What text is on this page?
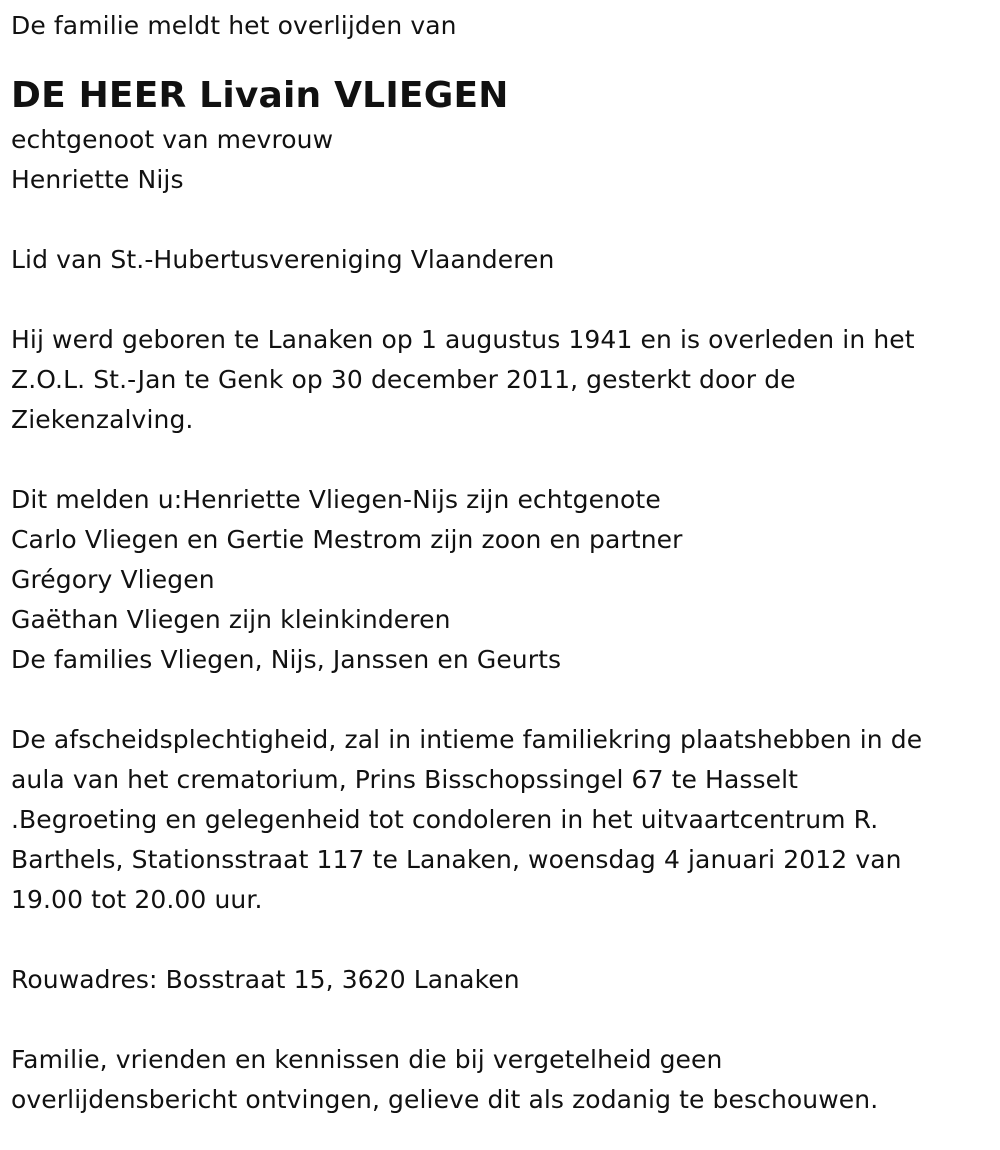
De familie meldt het overlijden van
DE HEER Livain VLIEGEN
echtgenoot van mevrouw
Henriette Nijs
Lid van St.-Hubertusvereniging Vlaanderen
Hij werd geboren te Lanaken op 1 augustus 1941 en is overleden in het
Z.O.L. St.-Jan te Genk op 30 december 2011, gesterkt door de
Ziekenzalving.
Dit melden u:Henriette Vliegen-Nijs zijn echtgenote
Carlo Vliegen en Gertie Mestrom zijn zoon en partner
Grégory Vliegen
Gaëthan Vliegen zijn kleinkinderen
De families Vliegen, Nijs, Janssen en Geurts
De afscheidsplechtigheid, zal in intieme familiekring plaatshebben in de
aula van het crematorium, Prins Bisschopssingel 67 te Hasselt
.Begroeting en gelegenheid tot condoleren in het uitvaartcentrum R.
Barthels, Stationsstraat 117 te Lanaken, woensdag 4 januari 2012 van
19.00 tot 20.00 uur.
Rouwadres: Bosstraat 15, 3620 Lanaken
Familie, vrienden en kennissen die bij vergetelheid geen
overlijdensbericht ontvingen, gelieve dit als zodanig te beschouwen.
